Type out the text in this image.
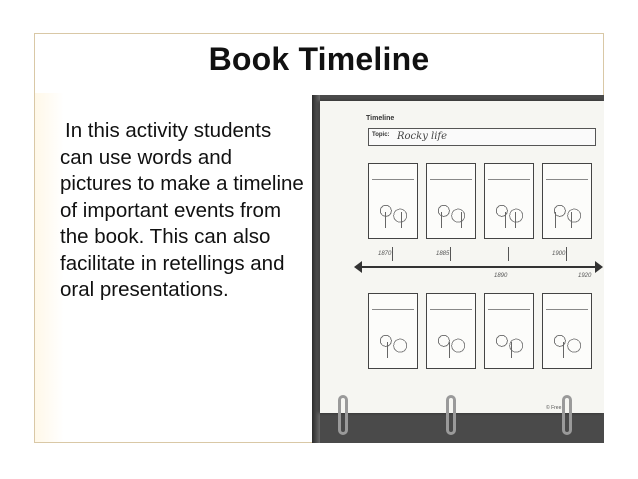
Book Timeline
In this activity students can use words and pictures to make a timeline of important events from the book. This can also facilitate in retellings and oral presentations.
Timeline
Topic: Rocky life
1870	1885
1890
1900
1920
© Free
